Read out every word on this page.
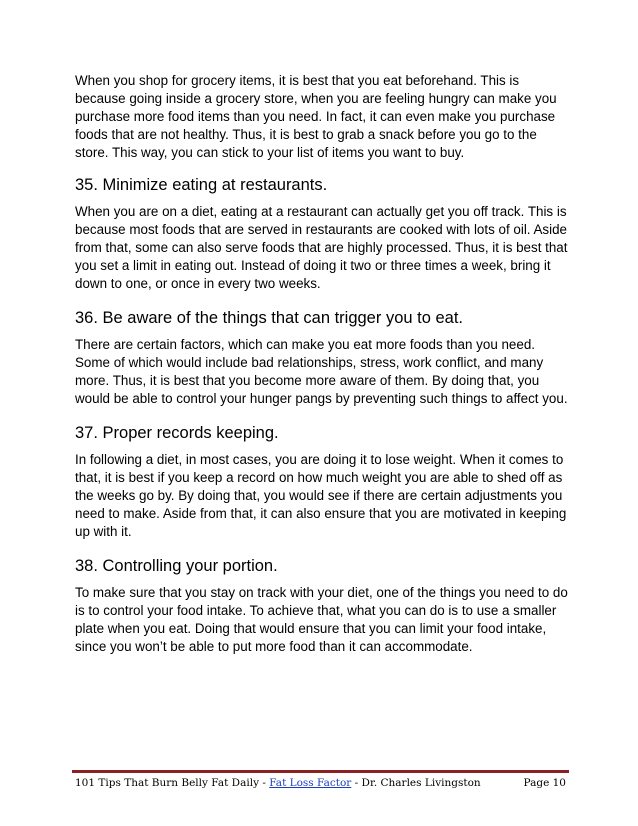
When you shop for grocery items, it is best that you eat beforehand. This is because going inside a grocery store, when you are feeling hungry can make you purchase more food items than you need. In fact, it can even make you purchase foods that are not healthy. Thus, it is best to grab a snack before you go to the store. This way, you can stick to your list of items you want to buy.

35. Minimize eating at restaurants.

When you are on a diet, eating at a restaurant can actually get you off track. This is because most foods that are served in restaurants are cooked with lots of oil. Aside from that, some can also serve foods that are highly processed. Thus, it is best that you set a limit in eating out. Instead of doing it two or three times a week, bring it down to one, or once in every two weeks.

36. Be aware of the things that can trigger you to eat.

There are certain factors, which can make you eat more foods than you need. Some of which would include bad relationships, stress, work conflict, and many more. Thus, it is best that you become more aware of them. By doing that, you would be able to control your hunger pangs by preventing such things to affect you.

37. Proper records keeping.

In following a diet, in most cases, you are doing it to lose weight. When it comes to that, it is best if you keep a record on how much weight you are able to shed off as the weeks go by. By doing that, you would see if there are certain adjustments you need to make. Aside from that, it can also ensure that you are motivated in keeping up with it.

38. Controlling your portion.

To make sure that you stay on track with your diet, one of the things you need to do is to control your food intake. To achieve that, what you can do is to use a smaller plate when you eat. Doing that would ensure that you can limit your food intake, since you won’t be able to put more food than it can accommodate.

101 Tips That Burn Belly Fat Daily - Fat Loss Factor - Dr. Charles Livingston	Page 10
